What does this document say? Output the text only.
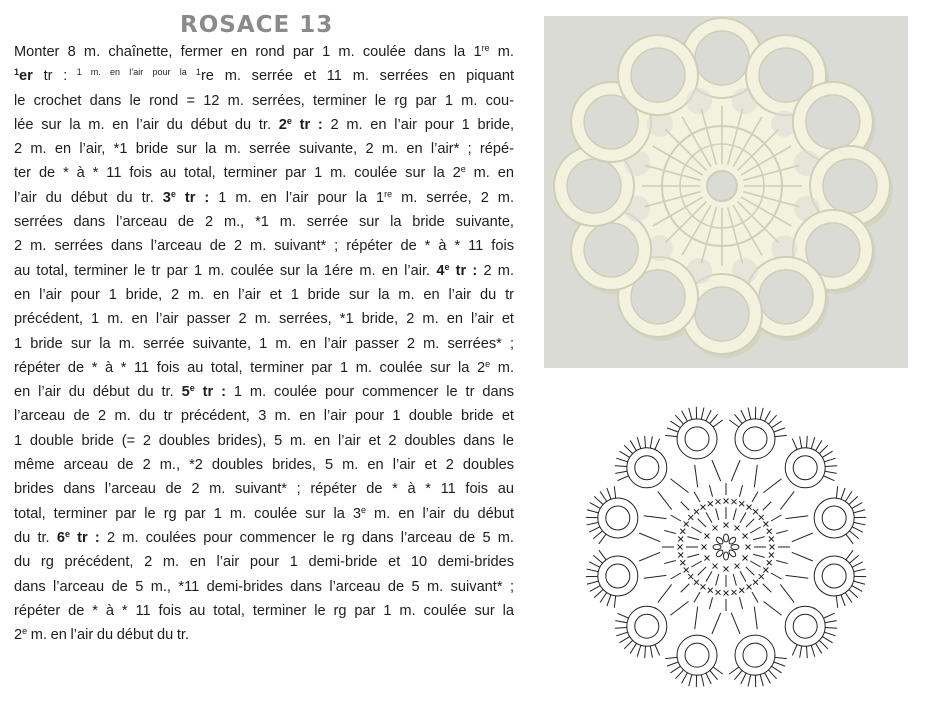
ROSACE 13
Monter 8 m. chaînette, fermer en rond par 1 m. coulée dans la 1re m.
$^1$er tr : $^{1 m. en l’air pour la 1}$re m. serrée et 11 m. serrées en piquant
le crochet dans le rond = 12 m. serrées, terminer le rg par 1 m. cou-
lée sur la m. en l’air du début du tr. 2e tr : 2 m. en l’air pour 1 bride,
2 m. en l’air, *1 bride sur la m. serrée suivante, 2 m. en l’air* ; répé-
ter de * à * 11 fois au total, terminer par 1 m. coulée sur la 2e m. en
l’air du début du tr. 3e tr : 1 m. en l’air pour la 1re m. serrée, 2 m.
serrées dans l’arceau de 2 m., *1 m. serrée sur la bride suivante,
2 m. serrées dans l’arceau de 2 m. suivant* ; répéter de * à * 11 fois
au total, terminer le tr par 1 m. coulée sur la 1ére m. en l’air. 4e tr : 2 m.
en l’air pour 1 bride, 2 m. en l’air et 1 bride sur la m. en l’air du tr
précédent, 1 m. en l’air passer 2 m. serrées, *1 bride, 2 m. en l’air et
1 bride sur la m. serrée suivante, 1 m. en l’air passer 2 m. serrées* ;
répéter de * à * 11 fois au total, terminer par 1 m. coulée sur la 2e m.
en l’air du début du tr. 5e tr : 1 m. coulée pour commencer le tr dans
l’arceau de 2 m. du tr précédent, 3 m. en l’air pour 1 double bride et
1 double bride (= 2 doubles brides), 5 m. en l’air et 2 doubles dans le
même arceau de 2 m., *2 doubles brides, 5 m. en l’air et 2 doubles
brides dans l’arceau de 2 m. suivant* ; répéter de * à * 11 fois au
total, terminer par le rg par 1 m. coulée sur la 3e m. en l’air du début
du tr. 6e tr : 2 m. coulées pour commencer le rg dans l’arceau de 5 m.
du rg précédent, 2 m. en l’air pour 1 demi-bride et 10 demi-brides
dans l’arceau de 5 m., *11 demi-brides dans l’arceau de 5 m. suivant* ;
répéter de * à * 11 fois au total, terminer le rg par 1 m. coulée sur la
2e m. en l’air du début du tr.
